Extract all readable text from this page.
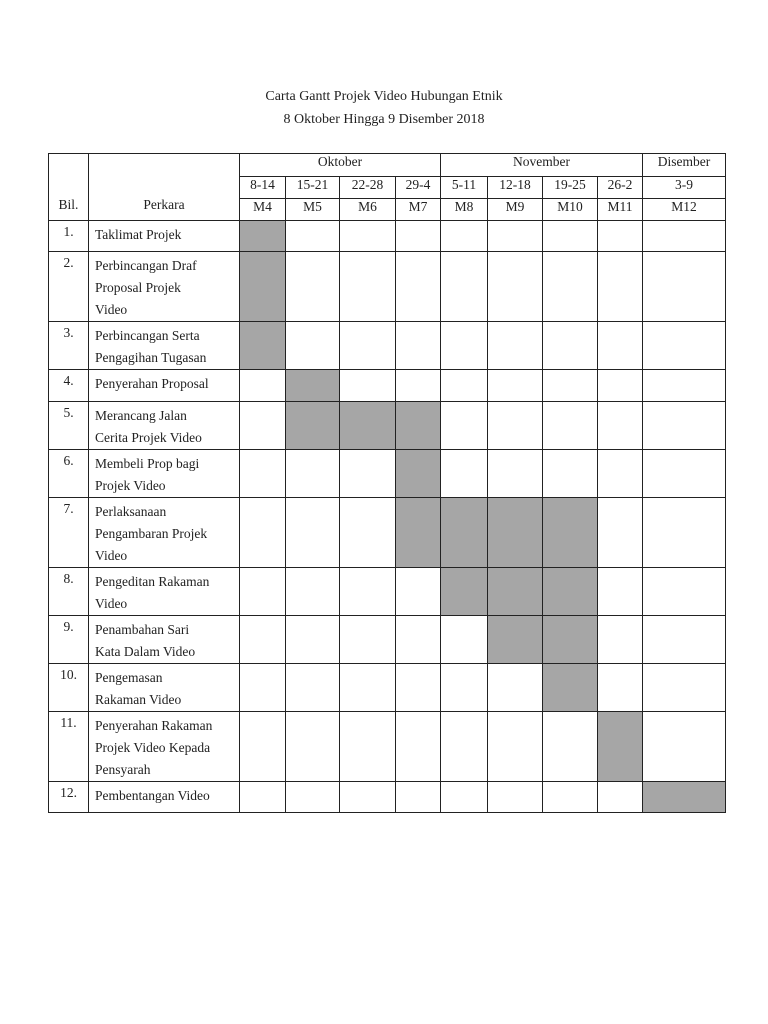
Carta Gantt Projek Video Hubungan Etnik
8 Oktober Hingga 9 Disember 2018
Bil.	Perkara	Oktober				November				Disember
		8-14	15-21	22-28	29-4	5-11	12-18	19-25	26-2	3-9
		M4	M5	M6	M7	M8	M9	M10	M11	M12
1.	Taklimat Projek									

2.	Perbincangan Draf
Proposal Projek
Video									

3.	Perbincangan Serta
Pengagihan Tugasan									

4.	Penyerahan Proposal									

5.	Merancang Jalan
Cerita Projek Video									

6.	Membeli Prop bagi
Projek Video									

7.	Perlaksanaan
Pengambaran Projek
Video									

8.	Pengeditan Rakaman
Video									

9.	Penambahan Sari
Kata Dalam Video									

10.	Pengemasan
Rakaman Video									

11.	Penyerahan Rakaman
Projek Video Kepada
Pensyarah									

12.	Pembentangan Video									
